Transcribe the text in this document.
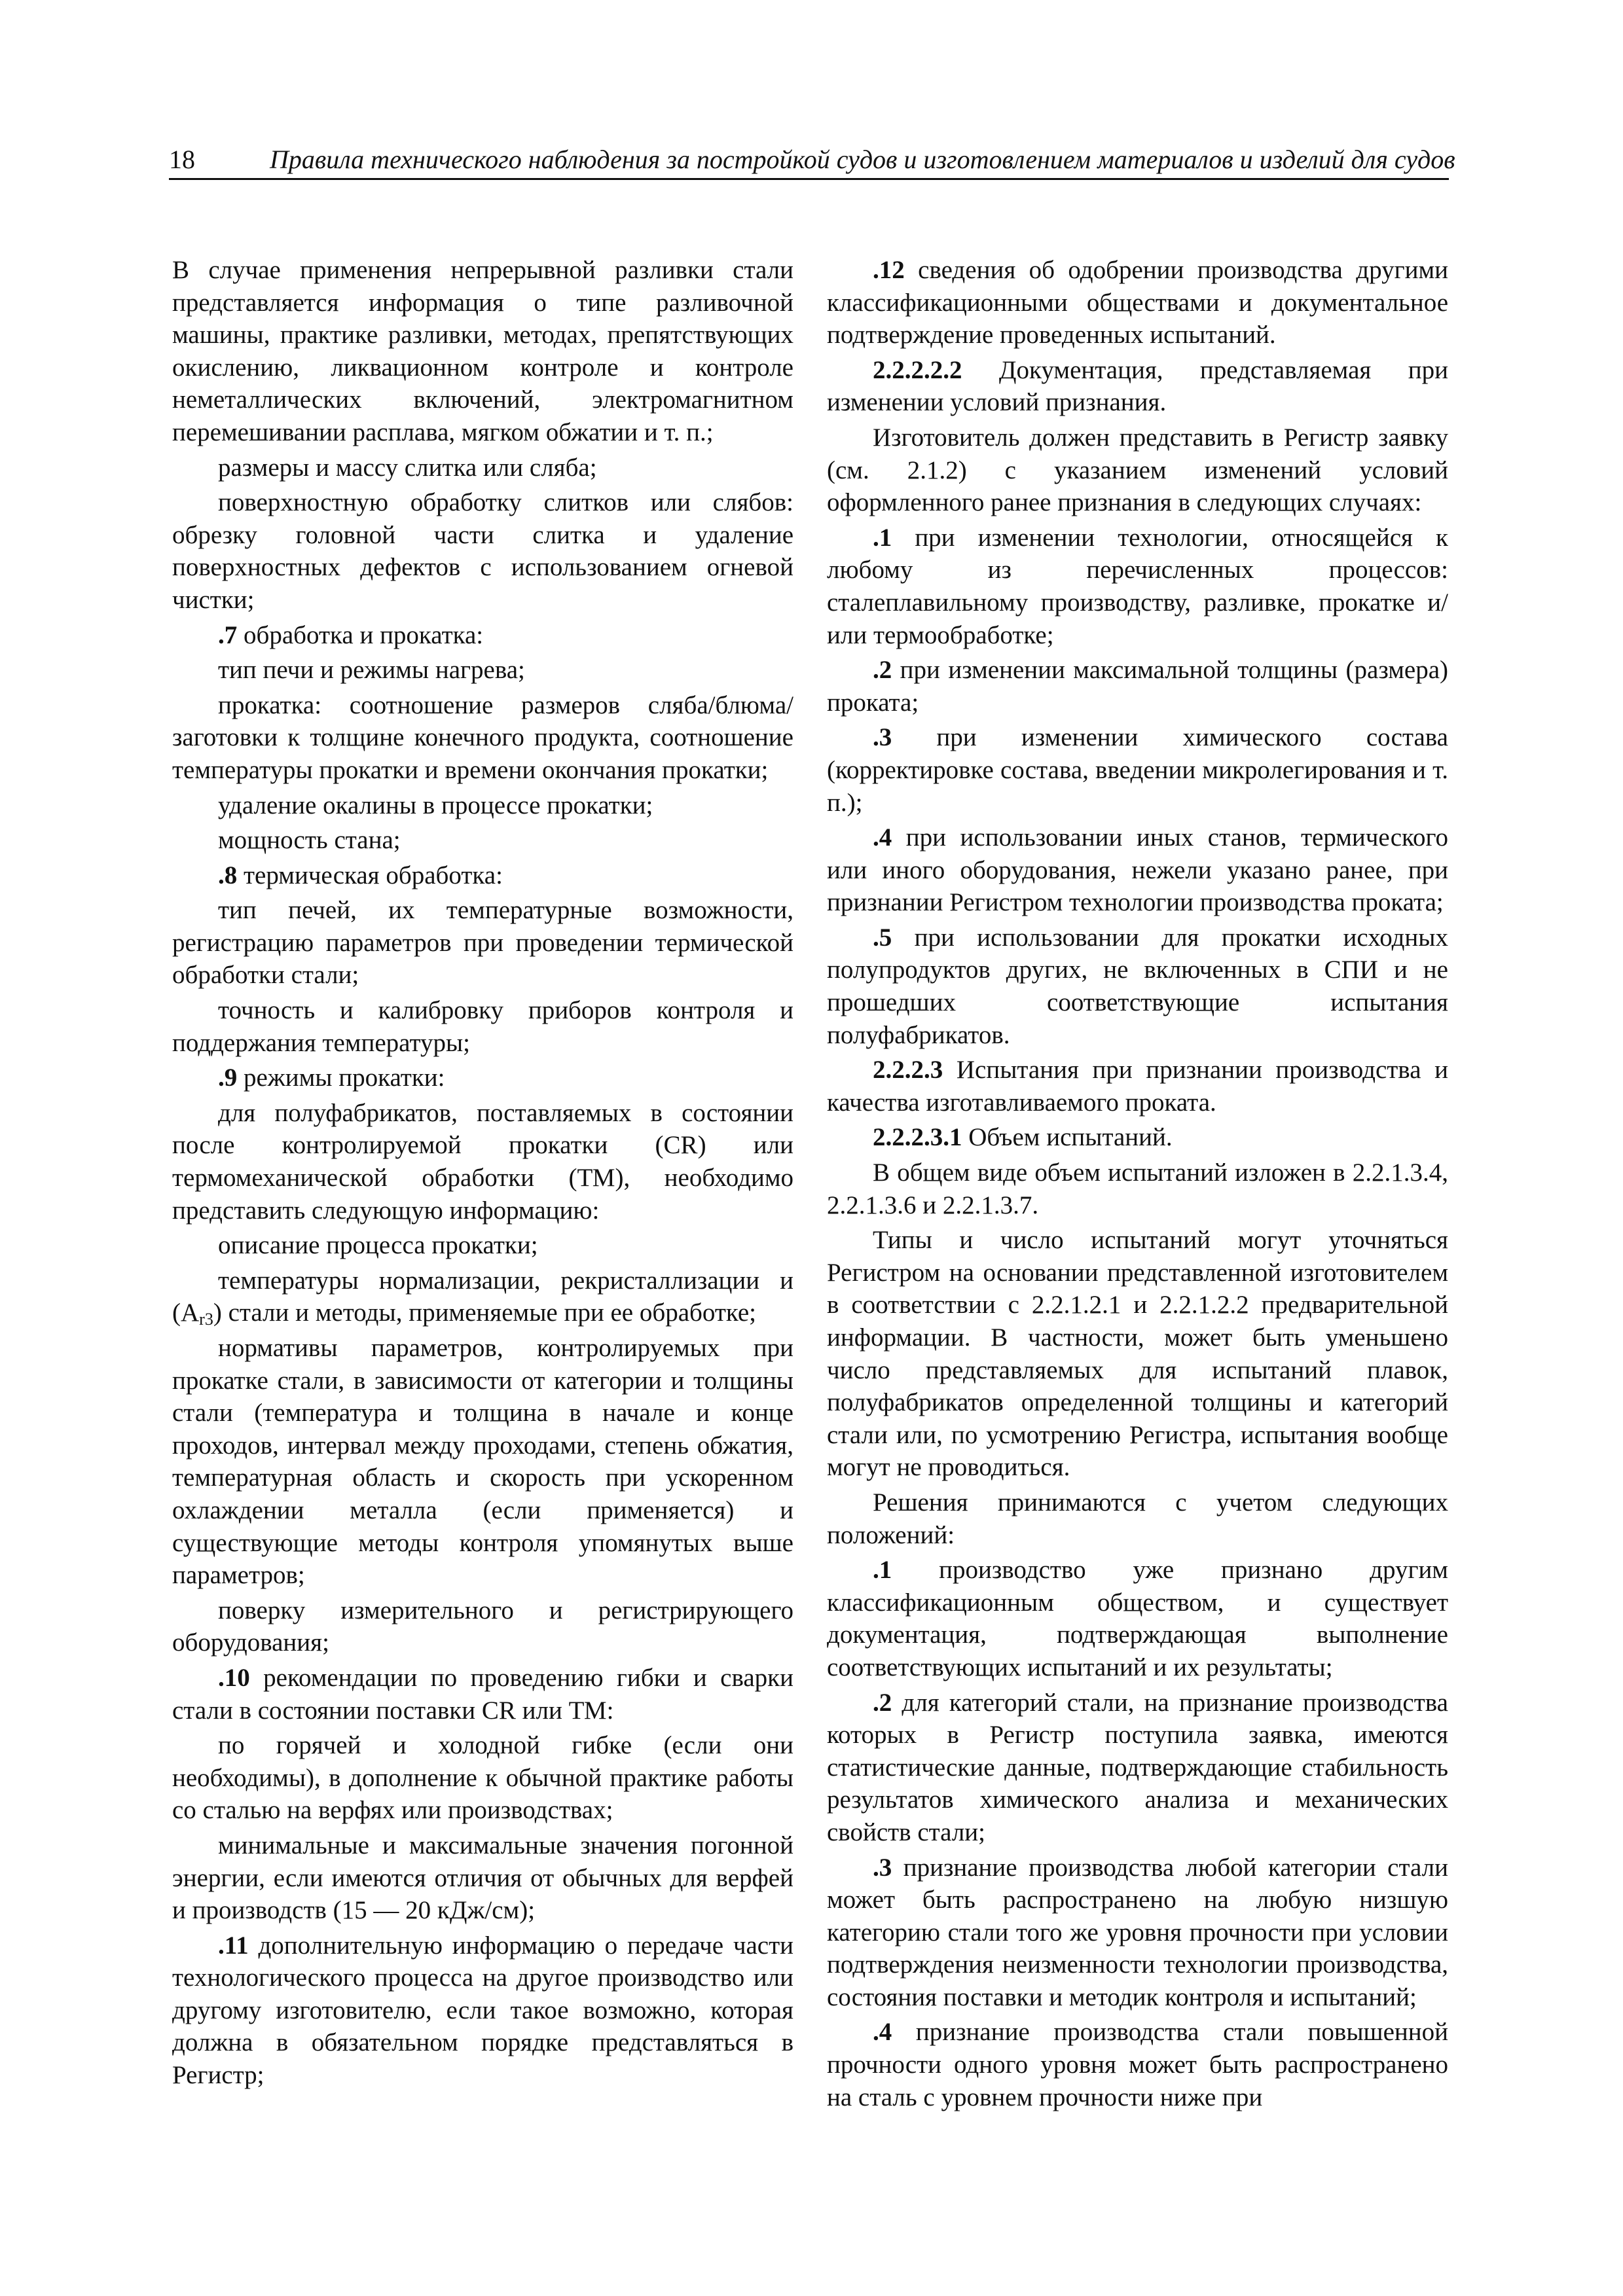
18	Правила технического наблюдения за постройкой судов и изготовлением материалов и изделий для судов

В случае применения непрерывной разливки стали представляется информация о типе разливочной машины, практике разливки, методах, препятствующих окислению, ликвационном контроле и контроле неметаллических включений, электромагнитном перемешивании расплава, мягком обжатии и т. п.;

размеры и массу слитка или сляба;

поверхностную обработку слитков или слябов: обрезку головной части слитка и удаление поверхностных дефектов с использованием огневой чистки;

.7 обработка и прокатка:

тип печи и режимы нагрева;

прокатка: соотношение размеров сляба/блюма/заготовки к толщине конечного продукта, соотношение температуры прокатки и времени окончания прокатки;

удаление окалины в процессе прокатки;

мощность стана;

.8 термическая обработка:

тип печей, их температурные возможности, регистрацию параметров при проведении термической обработки стали;

точность и калибровку приборов контроля и поддержания температуры;

.9 режимы прокатки:

для полуфабрикатов, поставляемых в состоянии после контролируемой прокатки (CR) или термомеханической обработки (ТМ), необходимо представить следующую информацию:

описание процесса прокатки;

температуры нормализации, рекристаллизации и $(A_{r3})$ стали и методы, применяемые при ее обработке;

нормативы параметров, контролируемых при прокатке стали, в зависимости от категории и толщины стали (температура и толщина в начале и конце проходов, интервал между проходами, степень обжатия, температурная область и скорость при ускоренном охлаждении металла (если применяется) и существующие методы контроля упомянутых выше параметров;

поверку измерительного и регистрирующего оборудования;

.10 рекомендации по проведению гибки и сварки стали в состоянии поставки CR или ТМ:

по горячей и холодной гибке (если они необходимы), в дополнение к обычной практике работы со сталью на верфях или производствах;

минимальные и максимальные значения погонной энергии, если имеются отличия от обычных для верфей и производств (15 — 20 кДж/см);

.11 дополнительную информацию о передаче части технологического процесса на другое производство или другому изготовителю, если такое возможно, которая должна в обязательном порядке представляться в Регистр;

.12 сведения об одобрении производства другими классификационными обществами и документальное подтверждение проведенных испытаний.

2.2.2.2.2 Документация, представляемая при изменении условий признания.

Изготовитель должен представить в Регистр заявку (см. 2.1.2) с указанием изменений условий оформленного ранее признания в следующих случаях:

.1 при изменении технологии, относящейся к любому из перечисленных процессов: сталеплавильному производству, разливке, прокатке и/или термообработке;

.2 при изменении максимальной толщины (размера) проката;

.3 при изменении химического состава (корректировке состава, введении микролегирования и т. п.);

.4 при использовании иных станов, термического или иного оборудования, нежели указано ранее, при признании Регистром технологии производства проката;

.5 при использовании для прокатки исходных полупродуктов других, не включенных в СПИ и не прошедших соответствующие испытания полуфабрикатов.

2.2.2.3 Испытания при признании производства и качества изготавливаемого проката.

2.2.2.3.1 Объем испытаний.

В общем виде объем испытаний изложен в 2.2.1.3.4, 2.2.1.3.6 и 2.2.1.3.7.

Типы и число испытаний могут уточняться Регистром на основании представленной изготовителем в соответствии с 2.2.1.2.1 и 2.2.1.2.2 предварительной информации. В частности, может быть уменьшено число представляемых для испытаний плавок, полуфабрикатов определенной толщины и категорий стали или, по усмотрению Регистра, испытания вообще могут не проводиться.

Решения принимаются с учетом следующих положений:

.1 производство уже признано другим классификационным обществом, и существует документация, подтверждающая выполнение соответствующих испытаний и их результаты;

.2 для категорий стали, на признание производства которых в Регистр поступила заявка, имеются статистические данные, подтверждающие стабильность результатов химического анализа и механических свойств стали;

.3 признание производства любой категории стали может быть распространено на любую низшую категорию стали того же уровня прочности при условии подтверждения неизменности технологии производства, состояния поставки и методик контроля и испытаний;

.4 признание производства стали повышенной прочности одного уровня может быть распространено на сталь с уровнем прочности ниже при
